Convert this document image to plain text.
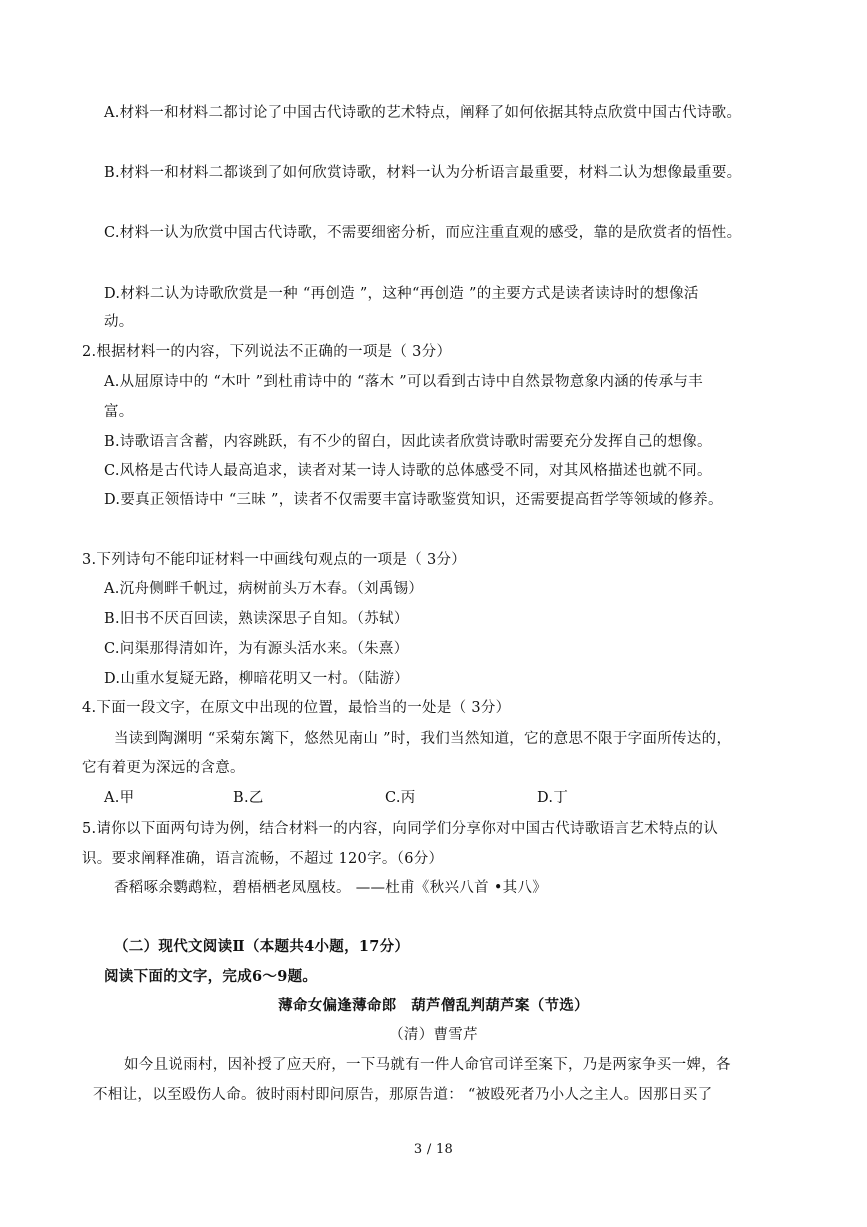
A.材料一和材料二都讨论了中国古代诗歌的艺术特点，阐释了如何依据其特点欣赏中国古代诗歌。
B.材料一和材料二都谈到了如何欣赏诗歌，材料一认为分析语言最重要，材料二认为想像最重要。
C.材料一认为欣赏中国古代诗歌，不需要细密分析，而应注重直观的感受，靠的是欣赏者的悟性。
D.材料二认为诗歌欣赏是一种 “再创造 ”，这种“再创造 ”的主要方式是读者读诗时的想像活
动。
2.根据材料一的内容，下列说法不正确的一项是（ 3分）
A.从屈原诗中的 “木叶 ”到杜甫诗中的 “落木 ”可以看到古诗中自然景物意象内涵的传承与丰
富。
B.诗歌语言含蓄，内容跳跃，有不少的留白，因此读者欣赏诗歌时需要充分发挥自己的想像。
C.风格是古代诗人最高追求，读者对某一诗人诗歌的总体感受不同，对其风格描述也就不同。
D.要真正领悟诗中 “三昧 ”，读者不仅需要丰富诗歌鉴赏知识，还需要提高哲学等领域的修养。
3.下列诗句不能印证材料一中画线句观点的一项是（ 3分）
A.沉舟侧畔千帆过，病树前头万木春。（刘禹锡）
B.旧书不厌百回读，熟读深思子自知。（苏轼）
C.问渠那得清如许，为有源头活水来。（朱熹）
D.山重水复疑无路，柳暗花明又一村。（陆游）
4.下面一段文字，在原文中出现的位置，最恰当的一处是（ 3分）
当读到陶渊明 “采菊东篱下，悠然见南山 ”时，我们当然知道，它的意思不限于字面所传达的，
它有着更为深远的含意。
A.甲	B.乙	C.丙	D.丁
5.请你以下面两句诗为例，结合材料一的内容，向同学们分享你对中国古代诗歌语言艺术特点的认
识。要求阐释准确，语言流畅，不超过 120字。（6分）
香稻啄余鹦鹉粒，碧梧栖老凤凰枝。 ——杜甫《秋兴八首 •其八》
（二）现代文阅读Ⅱ（本题共4小题，17分）
阅读下面的文字，完成6～9题。
薄命女偏逢薄命郎　葫芦僧乱判葫芦案（节选）
（清）曹雪芹
如今且说雨村，因补授了应天府，一下马就有一件人命官司详至案下，乃是两家争买一婢，各
不相让，以至殴伤人命。彼时雨村即问原告，那原告道： “被殴死者乃小人之主人。因那日买了
3 / 18
